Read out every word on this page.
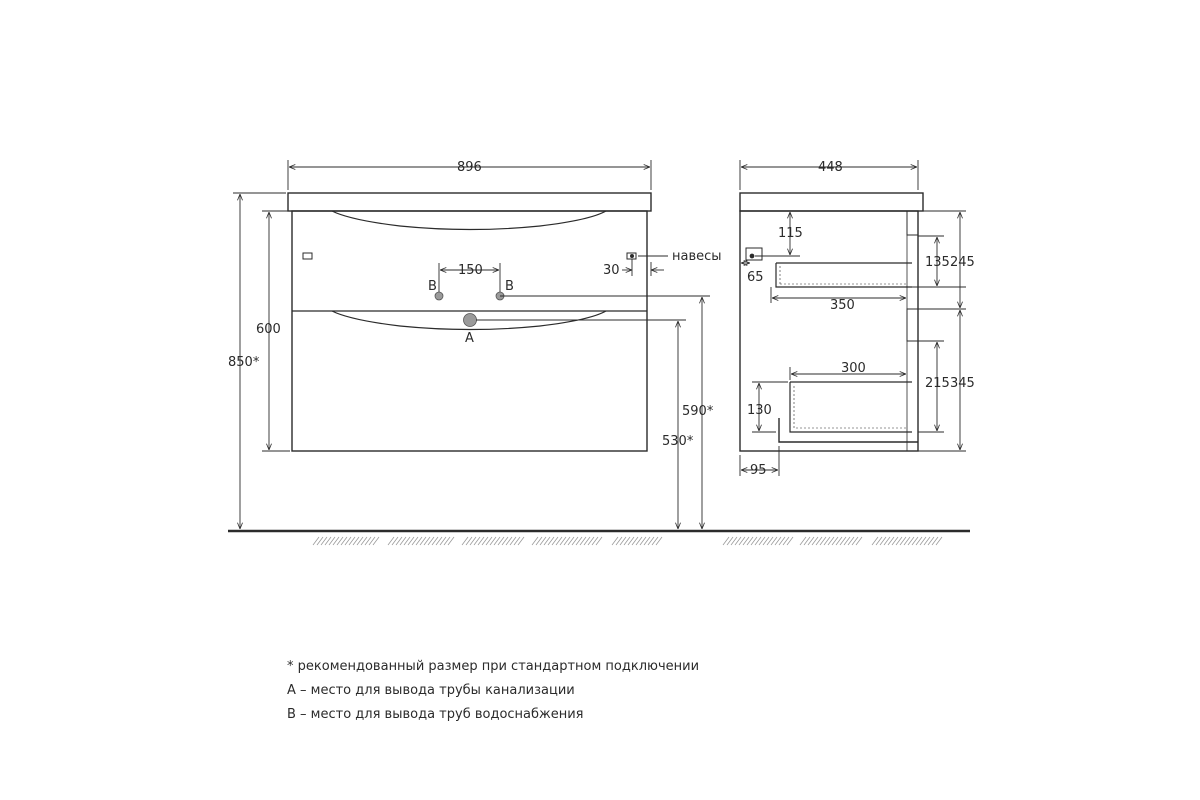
B	B
A
896
850*
600
150	30
навесы
590*
530*
448
115
65
350
300
130
95
135 245
215 345
* рекомендованный размер при стандартном подключении
А – место для вывода трубы канализации
В – место для вывода труб водоснабжения
